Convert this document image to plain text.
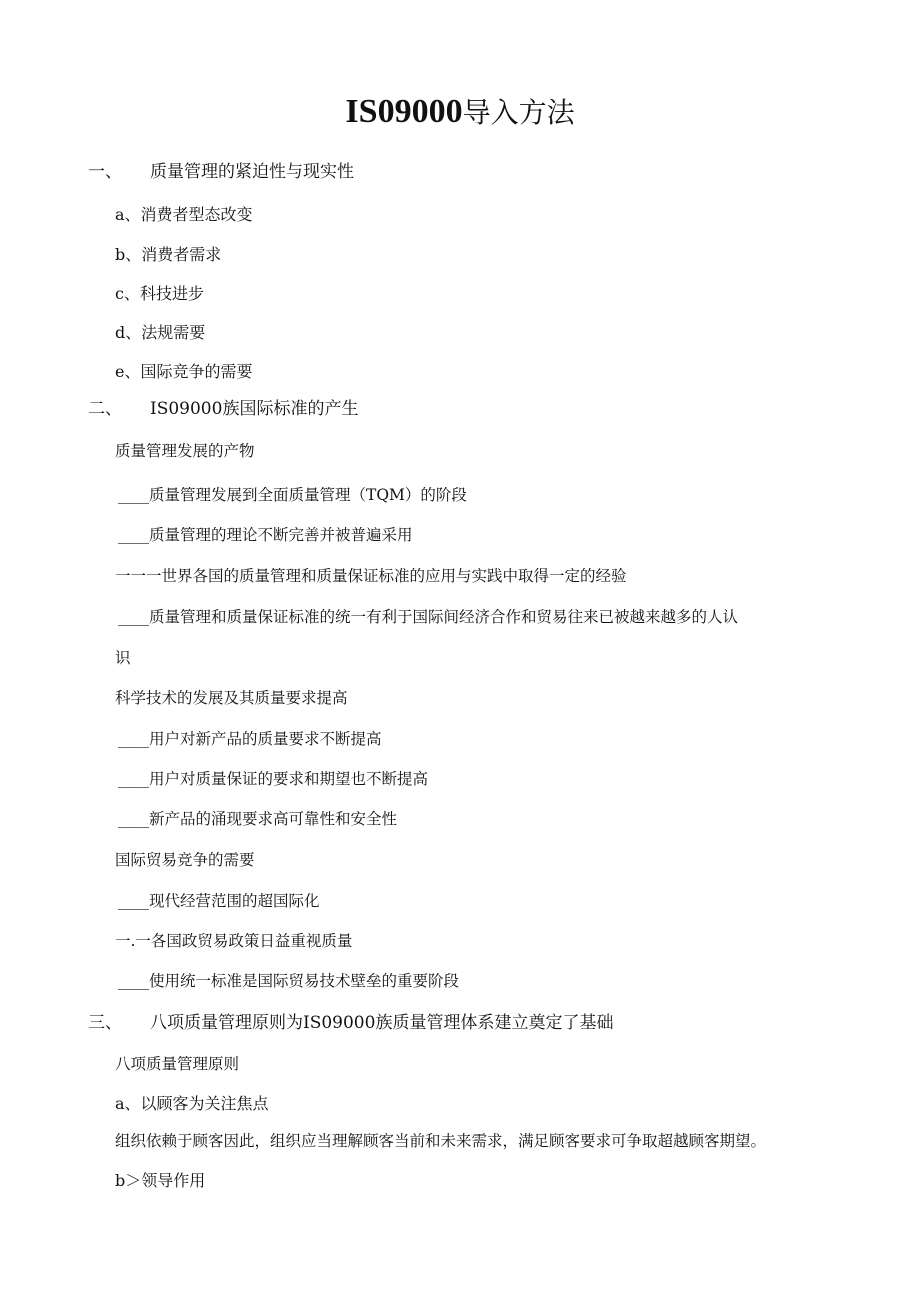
IS09000导入方法
一、 质量管理的紧迫性与现实性
a、消费者型态改变
b、消费者需求
c、科技进步
d、法规需要
e、国际竞争的需要
二、 IS09000族国际标准的产生
质量管理发展的产物
____质量管理发展到全面质量管理（TQM）的阶段
____质量管理的理论不断完善并被普遍采用
一一一世界各国的质量管理和质量保证标准的应用与实践中取得一定的经验
____质量管理和质量保证标准的统一有利于国际间经济合作和贸易往来已被越来越多的人认
识
科学技术的发展及其质量要求提高
____用户对新产品的质量要求不断提高
____用户对质量保证的要求和期望也不断提高
____新产品的涌现要求高可靠性和安全性
国际贸易竞争的需要
____现代经营范围的超国际化
一.一各国政贸易政策日益重视质量
____使用统一标准是国际贸易技术壁垒的重要阶段
三、 八项质量管理原则为IS09000族质量管理体系建立奠定了基础
八项质量管理原则
a、以顾客为关注焦点
组织依赖于顾客因此，组织应当理解顾客当前和未来需求，满足顾客要求可争取超越顾客期望。
b＞领导作用
